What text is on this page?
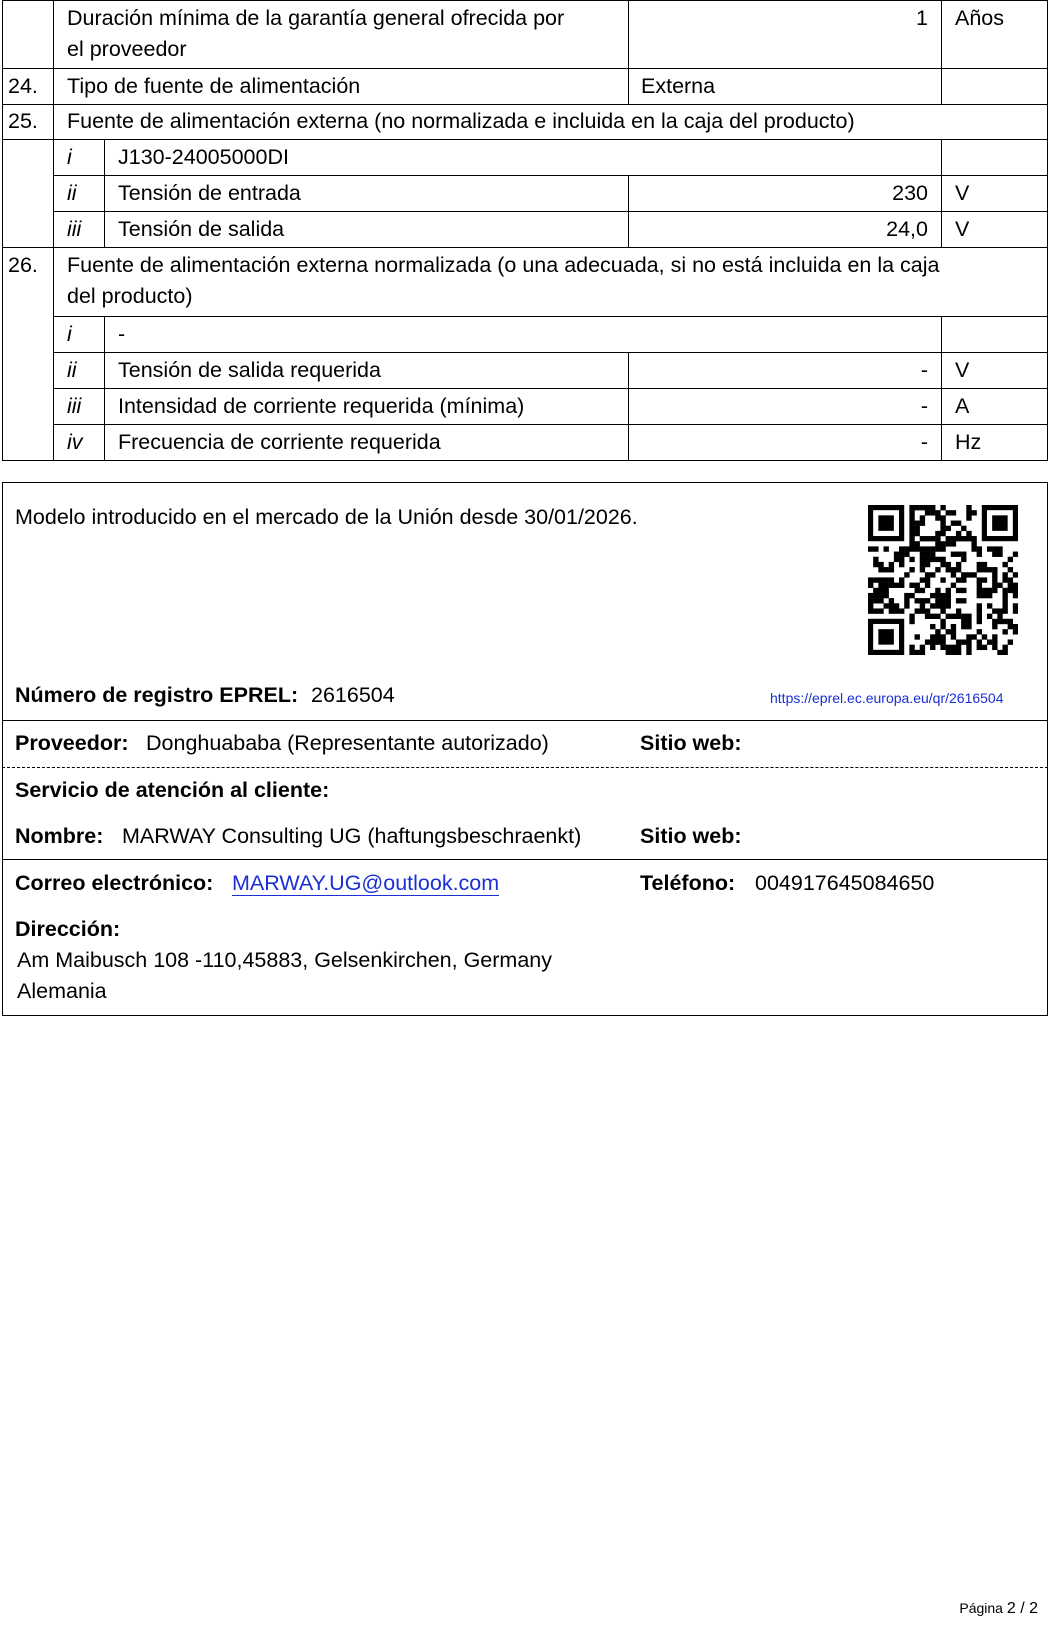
Duración mínima de la garantía general ofrecida por
el proveedor
1 Años
24. Tipo de fuente de alimentación	Externa
25. Fuente de alimentación externa (no normalizada e incluida en la caja del producto)
i J130-24005000DI
ii Tensión de entrada	230 V
iii Tensión de salida	24,0 V
26. Fuente de alimentación externa normalizada (o una adecuada, si no está incluida en la caja
del producto)
i -
ii Tensión de salida requerida	- V
iii Intensidad de corriente requerida (mínima)	- A
iv Frecuencia de corriente requerida	- Hz
Modelo introducido en el mercado de la Unión desde 30/01/2026.
Número de registro EPREL: 2616504	https://eprel.ec.europa.eu/qr/2616504
Proveedor: Donghuababa (Representante autorizado)	Sitio web:
Servicio de atención al cliente:
Nombre: MARWAY Consulting UG (haftungsbeschraenkt)	Sitio web:
Correo electrónico: MARWAY.UG@outlook.com	Teléfono: 004917645084650
Dirección:
Am Maibusch 108 -110,45883, Gelsenkirchen, Germany
Alemania
Página 2 / 2
